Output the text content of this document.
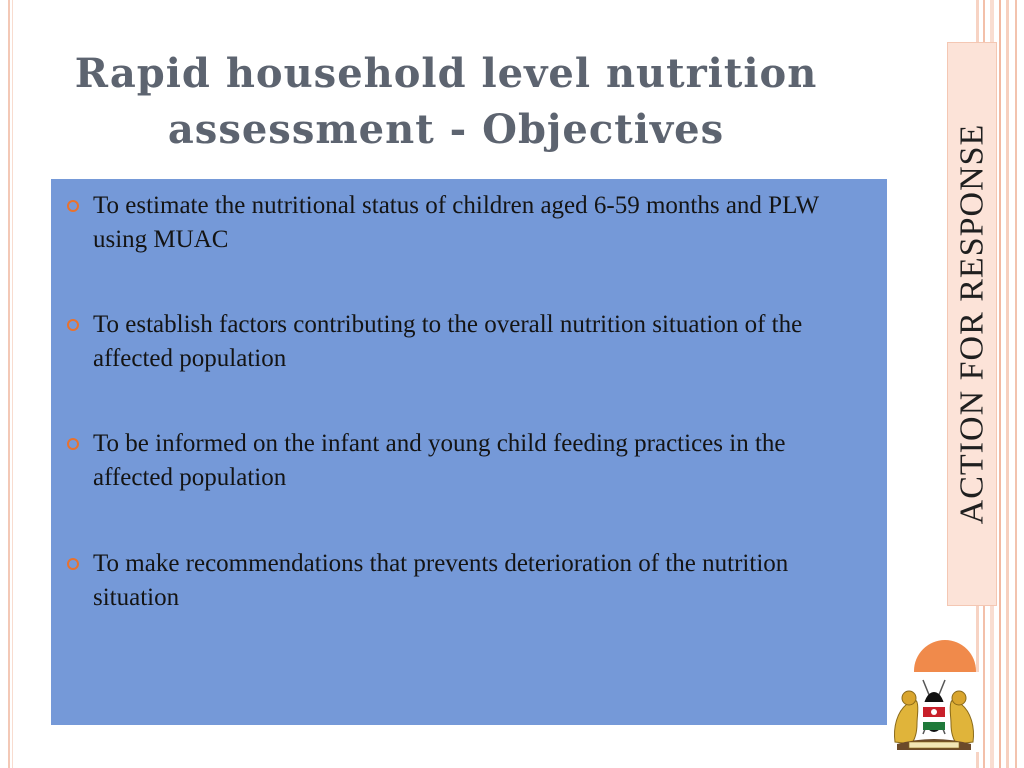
ACTION FOR RESPONSE
Rapid household level nutrition assessment - Objectives
To estimate the nutritional status of children aged 6-59 months and PLW using MUAC
To establish factors contributing to the overall nutrition situation of the affected population
To be informed on the infant and young child feeding practices in the affected population
To make recommendations that prevents deterioration of the nutrition situation
